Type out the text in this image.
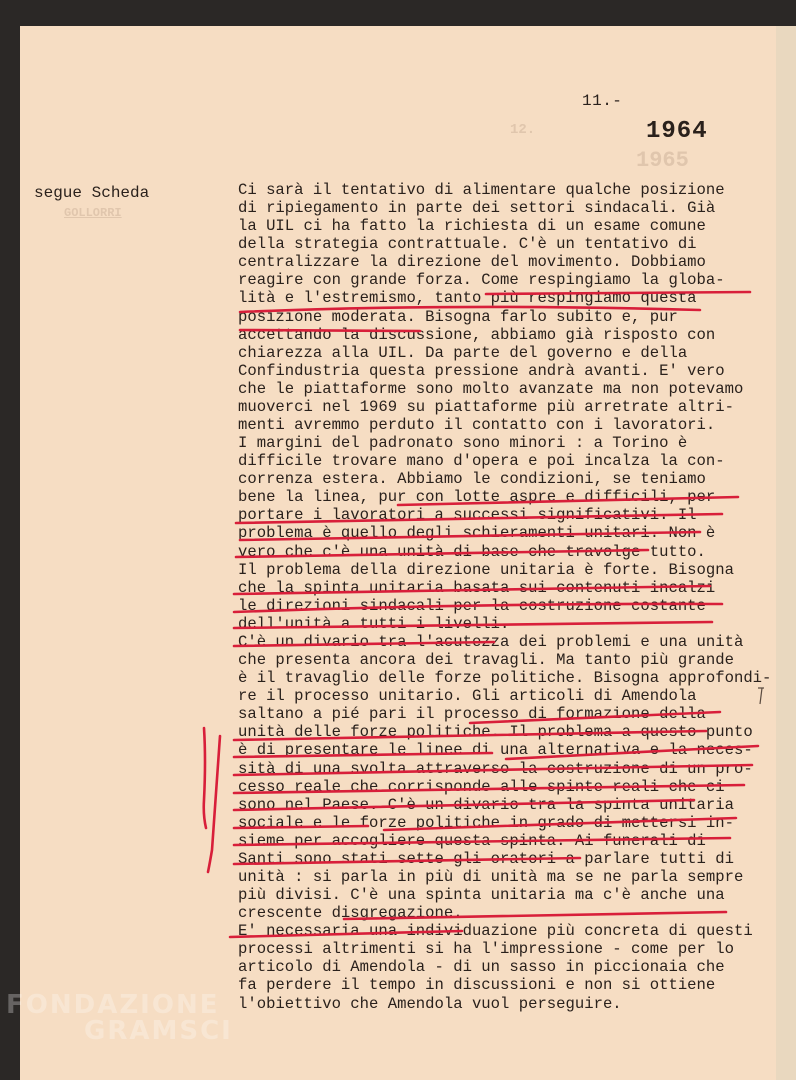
12.
1965
GOLLORRI
11.-
1964
segue Scheda	Ci sarà il tentativo di alimentare qualche posizione
di ripiegamento in parte dei settori sindacali. Già
la UIL ci ha fatto la richiesta di un esame comune
della strategia contrattuale. C'è un tentativo di
centralizzare la direzione del movimento. Dobbiamo
reagire con grande forza. Come respingiamo la globa-
lità e l'estremismo, tanto più respingiamo questa
posizione moderata. Bisogna farlo subito e, pur
accettando la discussione, abbiamo già risposto con
chiarezza alla UIL. Da parte del governo e della
Confindustria questa pressione andrà avanti. E' vero
che le piattaforme sono molto avanzate ma non potevamo
muoverci nel 1969 su piattaforme più arretrate altri-
menti avremmo perduto il contatto con i lavoratori.
I margini del padronato sono minori : a Torino è
difficile trovare mano d'opera e poi incalza la con-
correnza estera. Abbiamo le condizioni, se teniamo
bene la linea, pur con lotte aspre e difficili, per
portare i lavoratori a successi significativi. Il
problema è quello degli schieramenti unitari. Non è
vero che c'è una unità di base che travolge tutto.
Il problema della direzione unitaria è forte. Bisogna
che la spinta unitaria basata sui contenuti incalzi
le direzioni sindacali per la costruzione costante
dell'unità a tutti i livelli.
C'è un divario tra l'acutezza dei problemi e una unità
che presenta ancora dei travagli. Ma tanto più grande
è il travaglio delle forze politiche. Bisogna approfondi-
re il processo unitario. Gli articoli di Amendola
saltano a pié pari il processo di formazione della
unità delle forze politiche. Il problema a questo punto
è di presentare le linee di una alternativa e la neces-
sità di una svolta attraverso la costruzione di un pro-
cesso reale che corrisponde alle spinte reali che ci
sono nel Paese. C'è un divario tra la spinta unitaria
sociale e le forze politiche in grado di mettersi in-
sieme per accogliere questa spinta. Ai funerali di
Santi sono stati sette gli oratori a parlare tutti di
unità : si parla in più di unità ma se ne parla sempre
più divisi. C'è una spinta unitaria ma c'è anche una
crescente disgregazione.
E' necessaria una individuazione più concreta di questi
processi altrimenti si ha l'impressione - come per lo
articolo di Amendola - di un sasso in piccionaia che
fa perdere il tempo in discussioni e non si ottiene
l'obiettivo che Amendola vuol perseguire.
FONDAZIONE
GRAMSCI
